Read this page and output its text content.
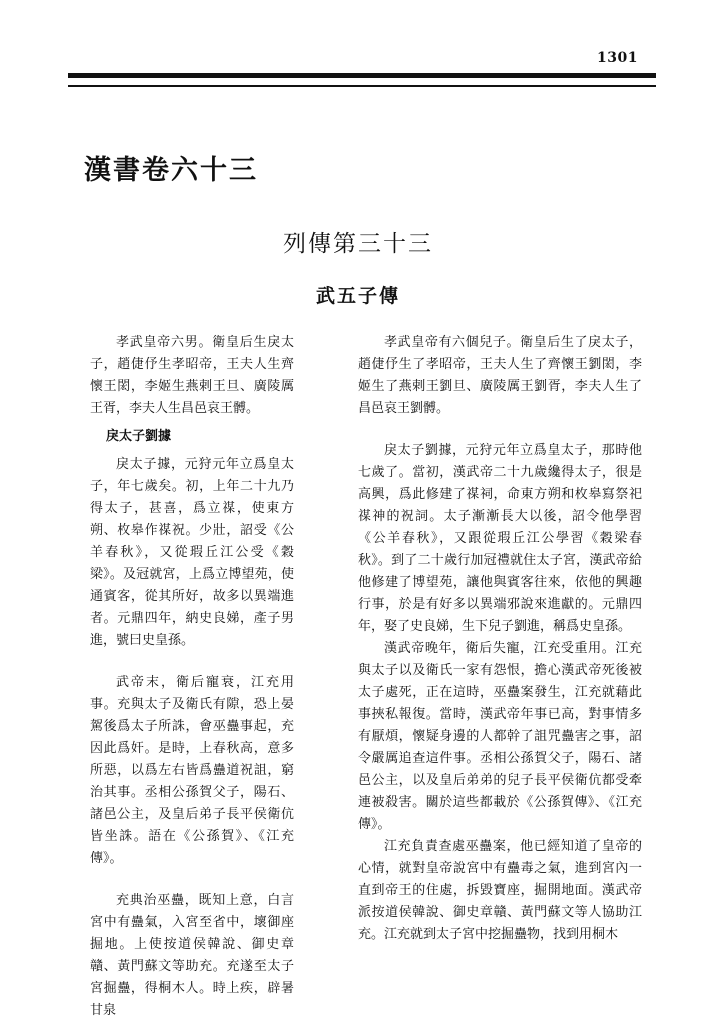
1301
漢書卷六十三
列傳第三十三
武五子傳

孝武皇帝六男。衛皇后生戾太子，趙倢伃生孝昭帝，王夫人生齊懷王閎，李姬生燕剌王旦、廣陵厲王胥，李夫人生昌邑哀王髆。

戾太子劉據

戾太子據，元狩元年立爲皇太子，年七歲矣。初，上年二十九乃得太子，甚喜，爲立禖，使東方朔、枚皋作禖祝。少壯，詔受《公羊春秋》，又從瑕丘江公受《穀梁》。及冠就宮，上爲立博望苑，使通賓客，從其所好，故多以異端進者。元鼎四年，納史良娣，產子男進，號曰史皇孫。

武帝末，衛后寵衰，江充用事。充與太子及衛氏有隙，恐上晏駕後爲太子所誅，會巫蠱事起，充因此爲奸。是時，上春秋高，意多所惡，以爲左右皆爲蠱道祝詛，窮治其事。丞相公孫賀父子，陽石、諸邑公主，及皇后弟子長平侯衛伉皆坐誅。語在《公孫賀》、《江充傳》。

充典治巫蠱，既知上意，白言宮中有蠱氣，入宮至省中，壞御座掘地。上使按道侯韓說、御史章贛、黃門蘇文等助充。充遂至太子宮掘蠱，得桐木人。時上疾，辟暑甘泉

孝武皇帝有六個兒子。衛皇后生了戾太子，趙倢伃生了孝昭帝，王夫人生了齊懷王劉閎，李姬生了燕剌王劉旦、廣陵厲王劉胥，李夫人生了昌邑哀王劉髆。

戾太子劉據，元狩元年立爲皇太子，那時他七歲了。當初，漢武帝二十九歲纔得太子，很是高興，爲此修建了禖祠，命東方朔和枚皋寫祭祀禖神的祝詞。太子漸漸長大以後，詔令他學習《公羊春秋》，又跟從瑕丘江公學習《穀梁春秋》。到了二十歲行加冠禮就住太子宮，漢武帝給他修建了博望苑，讓他與賓客往來，依他的興趣行事，於是有好多以異端邪說來進獻的。元鼎四年，娶了史良娣，生下兒子劉進，稱爲史皇孫。

漢武帝晚年，衛后失寵，江充受重用。江充與太子以及衛氏一家有怨恨，擔心漢武帝死後被太子處死，正在這時，巫蠱案發生，江充就藉此事挾私報復。當時，漢武帝年事已高，對事情多有厭煩，懷疑身邊的人都幹了詛咒蠱害之事，詔令嚴厲追查這件事。丞相公孫賀父子，陽石、諸邑公主，以及皇后弟弟的兒子長平侯衛伉都受牽連被殺害。關於這些都載於《公孫賀傳》、《江充傳》。

江充負責查處巫蠱案，他已經知道了皇帝的心情，就對皇帝說宮中有蠱毒之氣，進到宮內一直到帝王的住處，拆毀寶座，掘開地面。漢武帝派按道侯韓說、御史章贛、黃門蘇文等人協助江充。江充就到太子宮中挖掘蠱物，找到用桐木
